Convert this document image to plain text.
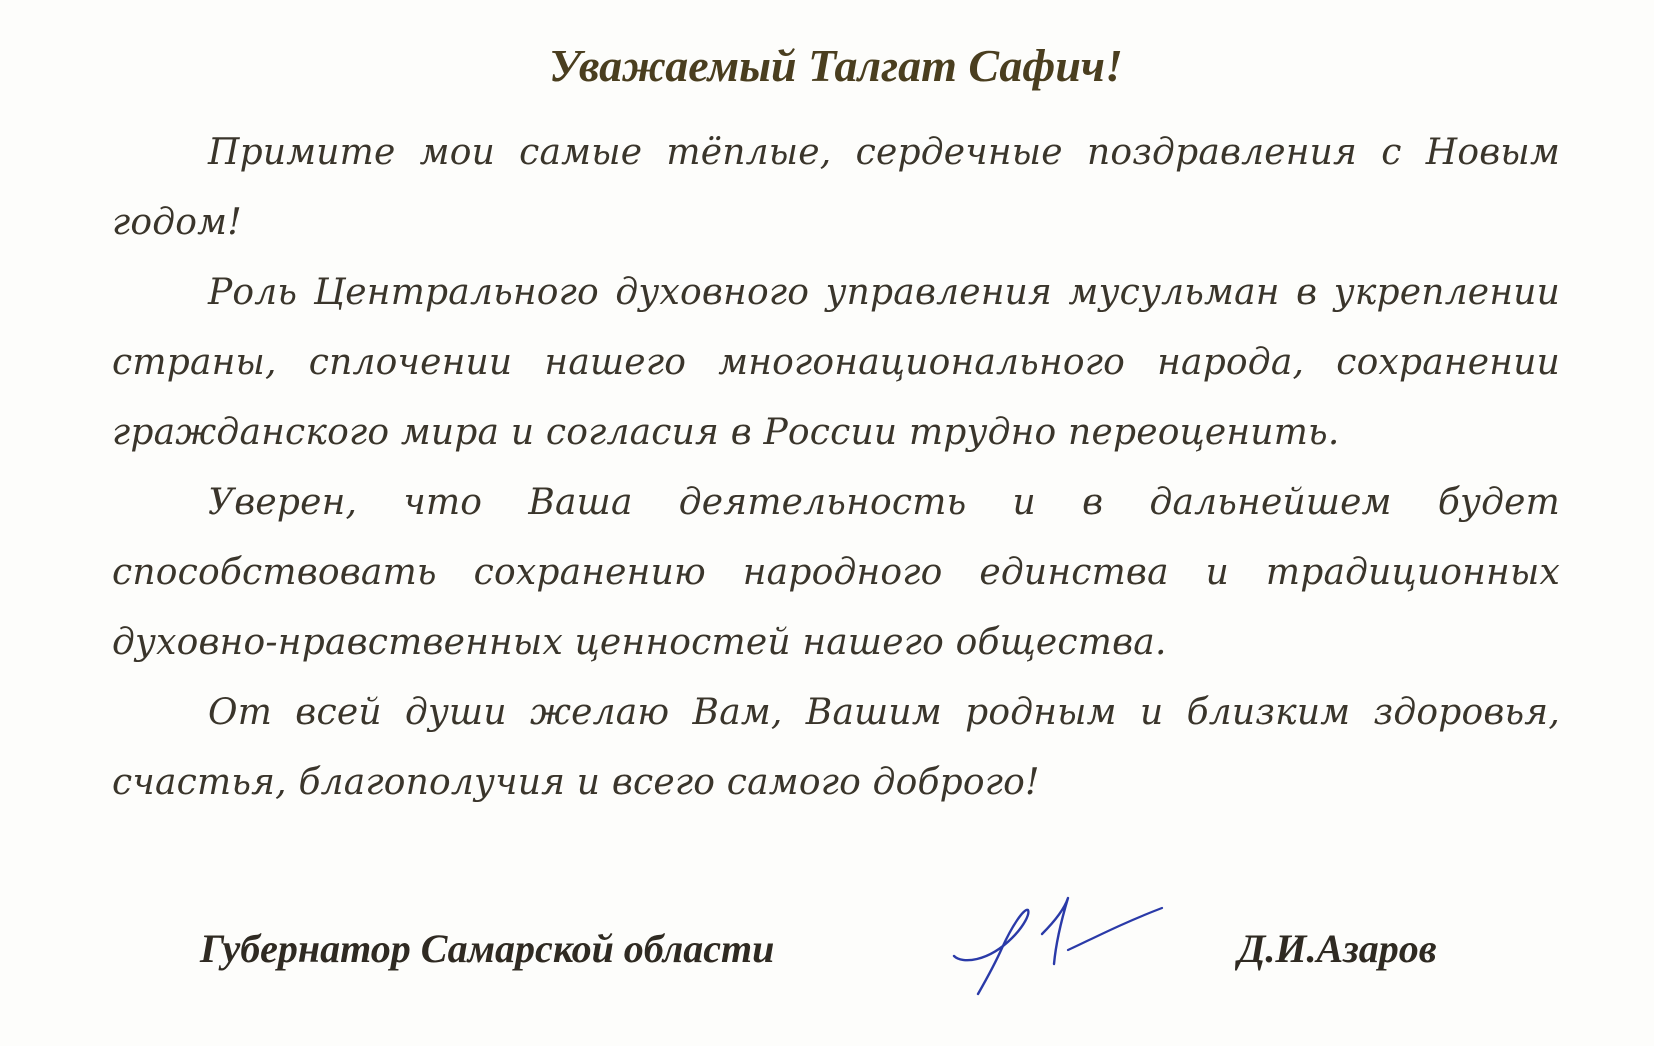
Уважаемый Талгат Сафич!

Примите мои самые тёплые, сердечные поздравления с Новым годом!

Роль Центрального духовного управления мусульман в укреплении страны, сплочении нашего многонационального народа, сохранении гражданского мира и согласия в России трудно переоценить.

Уверен, что Ваша деятельность и в дальнейшем будет способствовать сохранению народного единства и традиционных духовно-нравственных ценностей нашего общества.

От всей души желаю Вам, Вашим родным и близким здоровья, счастья, благополучия и всего самого доброго!

Губернатор Самарской области	Д.И.Азаров
